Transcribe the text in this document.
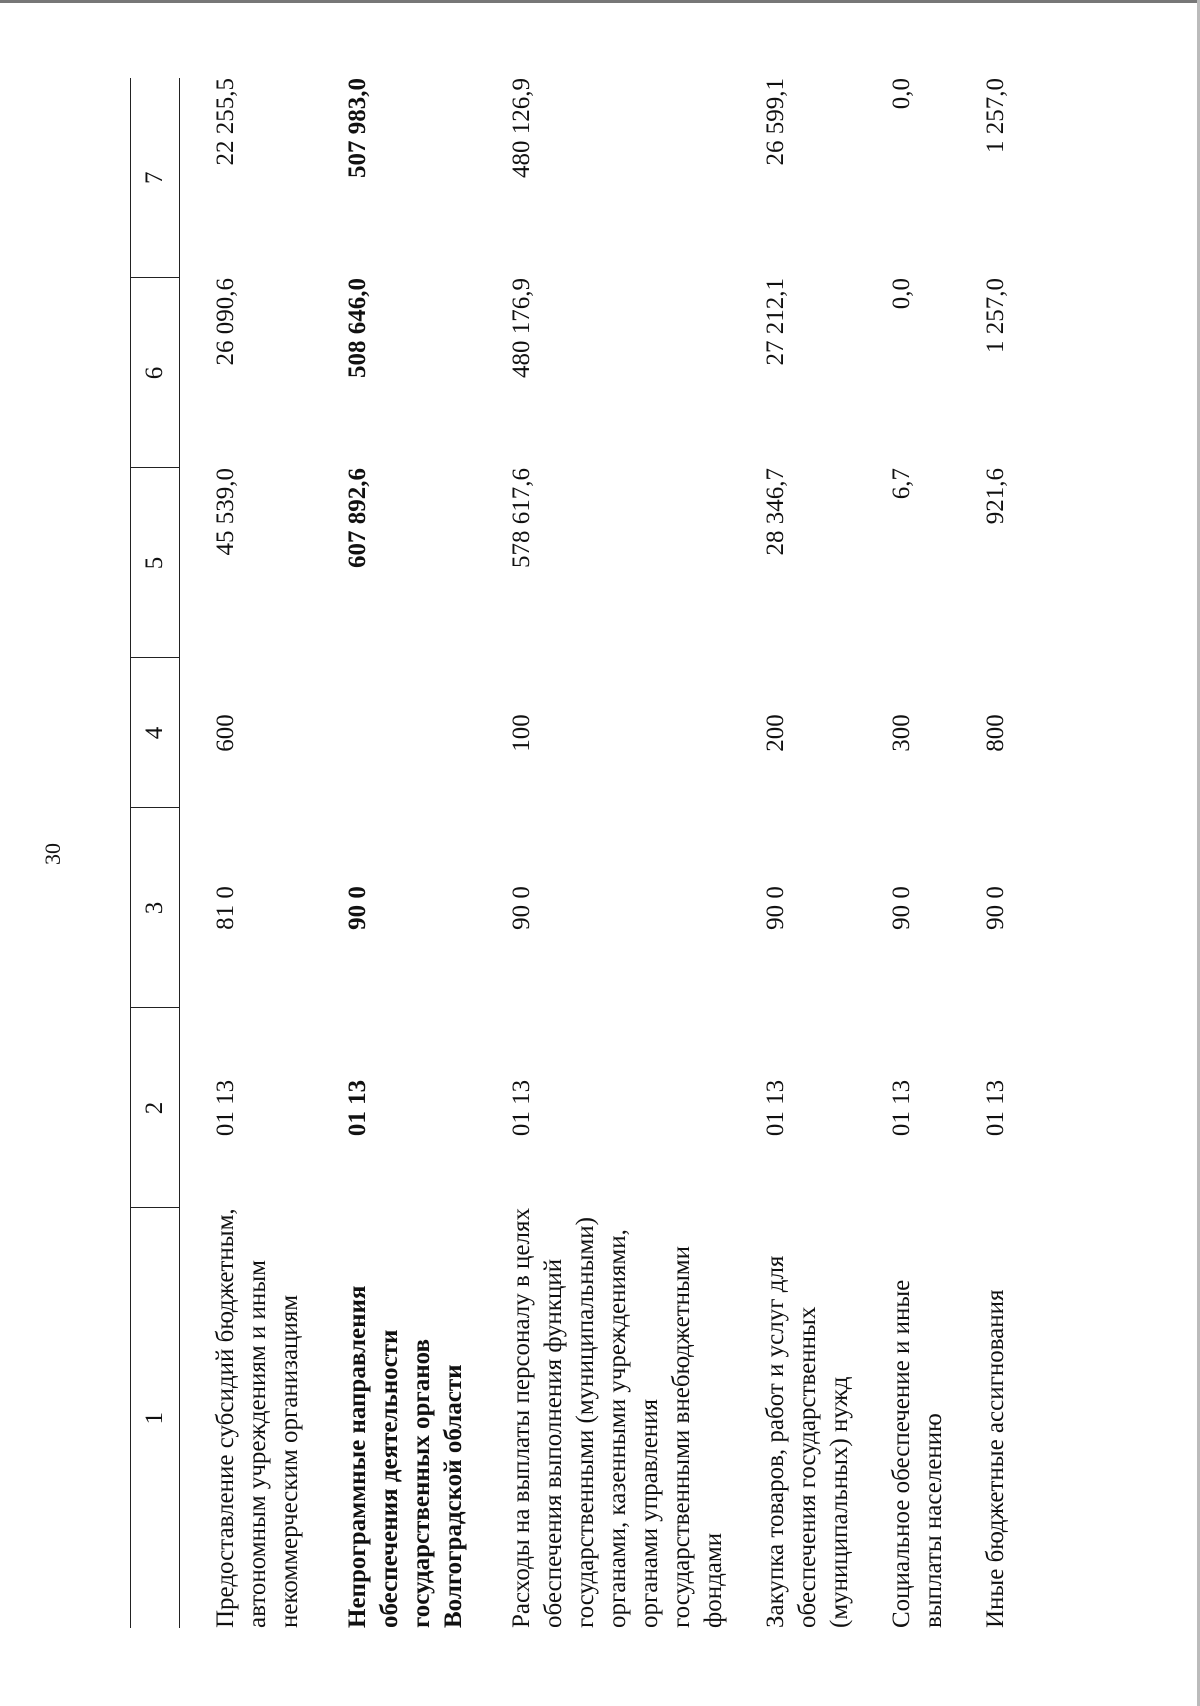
30
1	2	3	4	5	6	7
Предоставление субсидий бюджетным, автономным учреждениям и иным некоммерческим организациям	01 13	81 0	600	45 539,0	26 090,6	22 255,5
Непрограммные направления обеспечения деятельности государственных органов Волгоградской области	01 13	90 0		607 892,6	508 646,0	507 983,0
Расходы на выплаты персоналу в целях обеспечения выполнения функций государственными (муниципальными) органами, казенными учреждениями, органами управления государственными внебюджетными фондами	01 13	90 0	100	578 617,6	480 176,9	480 126,9
Закупка товаров, работ и услуг для обеспечения государственных (муниципальных) нужд	01 13	90 0	200	28 346,7	27 212,1	26 599,1
Социальное обеспечение и иные выплаты населению	01 13	90 0	300	6,7	0,0	0,0
Иные бюджетные ассигнования	01 13	90 0	800	921,6	1 257,0	1 257,0
